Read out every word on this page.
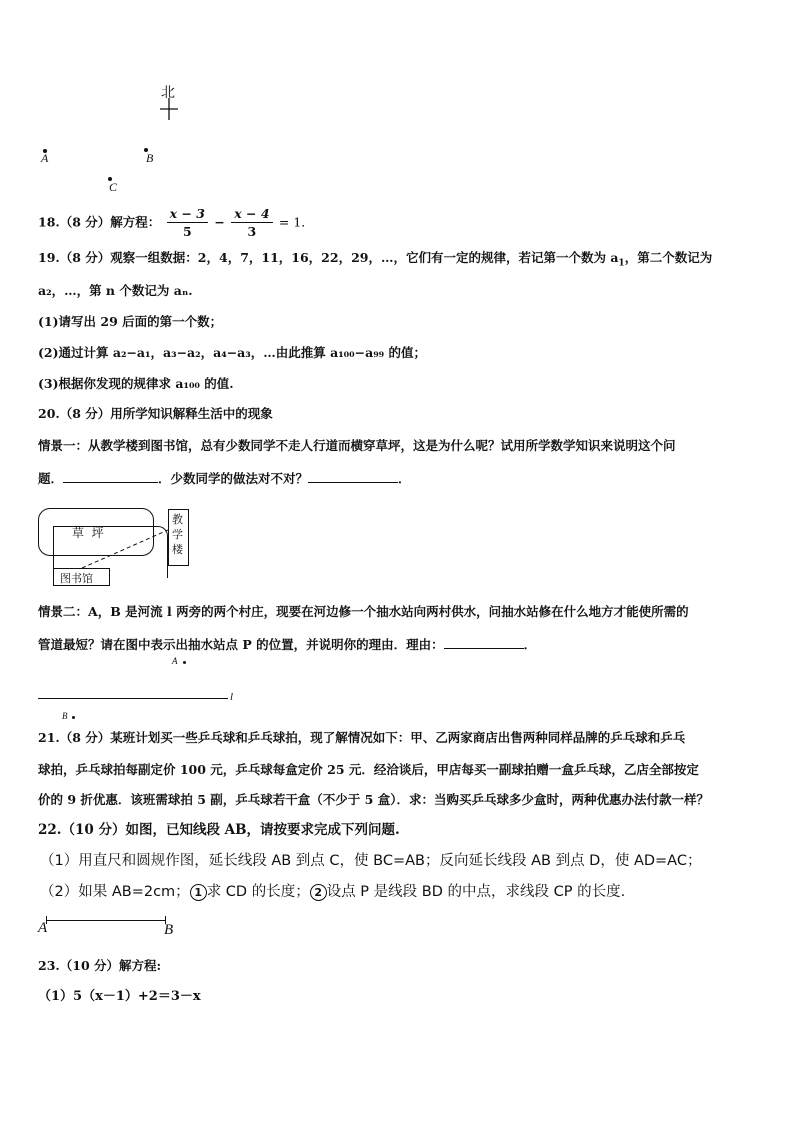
北
A	B
C
18.（8 分）解方程： $\frac{x - 3}{5} - \frac{x - 4}{3} = 1$．
19.（8 分）观察一组数据：2，4，7，11，16，22，29，…，它们有一定的规律，若记第一个数为 $a_1$，第二个数记为
a₂，…，第 n 个数记为 aₙ.
(1)请写出 29 后面的第一个数；
(2)通过计算 a₂−a₁，a₃−a₂，a₄−a₃，…由此推算 a₁₀₀−a₉₉ 的值；
(3)根据你发现的规律求 a₁₀₀ 的值.
20.（8 分）用所学知识解释生活中的现象
情景一：从教学楼到图书馆，总有少数同学不走人行道而横穿草坪，这是为什么呢？试用所学数学知识来说明这个问
题．	．少数同学的做法对不对？	．
草  坪
教学楼
图书馆
情景二：A，B 是河流 l 两旁的两个村庄，现要在河边修一个抽水站向两村供水，问抽水站修在什么地方才能使所需的
管道最短？请在图中表示出抽水站点 P 的位置，并说明你的理由．理由：	．
A
l
B
21.（8 分）某班计划买一些乒乓球和乒乓球拍，现了解情况如下：甲、乙两家商店出售两种同样品牌的乒乓球和乒乓
球拍，乒乓球拍每副定价 100 元，乒乓球每盒定价 25 元．经洽谈后，甲店每买一副球拍赠一盒乒乓球，乙店全部按定
价的 9 折优惠．该班需球拍 5 副，乒乓球若干盒（不少于 5 盒）．求：当购买乒乓球多少盒时，两种优惠办法付款一样？
22.（10 分）如图，已知线段 AB，请按要求完成下列问题.
（1）用直尺和圆规作图，延长线段 AB 到点 C，使 BC=AB；反向延长线段 AB 到点 D，使 AD=AC；
（2）如果 AB=2cm； 1 求 CD 的长度； 2 设点 P 是线段 BD 的中点，求线段 CP 的长度.
A	B
23.（10 分）解方程:
（1）5（x－1）+2＝3－x
